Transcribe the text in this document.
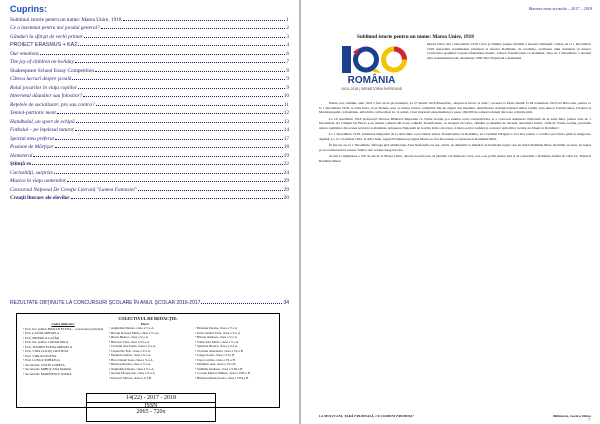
Cuprins:
Sublimul istorie pentru un nume: Marea Unire, 1918	1
Ce a însemnat pentru noi jocului general?	2
Gânduri la sfârşit de vechi primar	3
PROIECT ERASMUS + KA2	4
Our emotions	6
The joy of children on holiday	7
Shakespeare School Essay Competition	8
Câteva lucruri despre şcoală	9
Rolul jocurilor în viaţa copiilor	9
Internetul dăunător sau folositor?	10
Reţelele de socializare: pro sau contra?	11
Temiol-patriotic ment	12
Handbalul, un sport de echipă	13
Fotbalul – pe înţelesul tuturor	14
Sportul meu preferat	17
Pasiune de Mărţişor	18
Hamsterul	19
Ştiinţă ex	22
Curiozităţi, surprize	24
Muzica în viaţa oamenilor	29
Concursul Naţional De Creaţie Literară "Lumea Fantasiei"	29
Creaţii literare ale elevilor	30
REZULTATE OBŢINUTE LA CONCURSURI ŞCOLARE ÎN ANUL ŞCOLAR 2016-2017	34
COLECTIVUL DE REDACŢIE:
Cadre didactice:
• Prof. înv. primar BOZIAN ELENA – coordonator principal
• Prof. LAZĂR MIHAELA
• Prof. MIHAELA LAZĂR
• Prof. înv. primar CADAR MILA
• Prof. TOGHIN ELENA MIHAELA
• Prof. VIDA COCOŞ CRISTINA
• Prof. VIRLAN ELENA
• Prof. LUNGU MIHAELA
• Secretariat: COSTE LORETA
• Secretariat: MIHUŢ ANA MARIA
• Secretariat: MARINESCU IOANA
Elevi
• Anghelide Daiana, clasa a V-a A
• Bacalu Roxana Maria, clasa a V-a A
• Burcu Bianca, clasa a V-a A
• Bărcesu Vlad, clasa a VI-a A
• Ciobanu Ana Paula, clasa a V-a A
• Crişan Ilie Eric, clasa a V-a A
• Panainte Ştefan, clasa a V-a A
• Baro Daniel Ioan, clasa a V-a A
• Burlacu Rianna, clasa a V-a A
• Anghelide Daiana, clasa a V-a A
• Apostu Dragoş Ion, clasa a V-a A
• Petrescu Mircea, clasa a V-a B
• Bratianu Denisa, clasa a V-a A
• Pirvu Andrei Vlad, clasa a V-a A
• Bârsan Andreea, clasa a V-a A
• Toltin Ana Maria, clasa a V-a A
• Spiridon Bianca, clasa a V-a A
• Ciobanu Alexandra, clasa a VI-a B
• Lungu Sonia, clasa a VI-a B
• Popa Lavinia, clasa a VI-a B
• Dumitriu Ana, clasa a VI-a B
• Strâmbu Andreea, clasa a VIII-a B
• Cocean Maria Cătălina, clasa a VIII-a B
• Butnaru Denisa Ioana, clasa a VIII-a B
14(22) - 2017 - 2018
ISSN
2065 - 720x
Bucuria nous scrisului – 2017 – 2018
Sublimul istorie pentru un nume: Marea Unire, 1918
ROMÂNIA
1918–2018 | SĂRBĂTORIM ÎMPREUNĂ
Marea Unire din 1 Decembrie 1918 a fost și rămâne pagina sublimă a istoriei românești. Unirea de la 1 Decembrie 1918 reprezintă evenimentul principal al istoriei României, de totalitate, realizarea unui deziderat al tuturor locuitorilor spaţiului Carpato-Danubiano-Pontic. Unirea Transilvaniei cu România, Ziua de 1 Decembrie a devenit ziuă evenimentului din decembrie 1990 Ziua Naţională a României.

Pentru noi, românii, anul 1918 a fost un an providenţial. La 27 martie 1918 Basarabia, „dreptul ei istoric şi etnic", revenea la Patria mamă; la 28 noiembrie 1918 era Bucovina, pentru ca la 1 Decembrie 1918, la Alba Iulia, să se încheie ceea ce unirea tuturor românilor într-un singur stat însemna, desăvârşirea statului naţional unitar român, prin unirea Transilvaniei, Crişanei şi Maramureşului cu România. Alba Iulia, străvechiul loc al unirii, a fost martorul entuziasmului a peste 100.000 de oameni adunaţi din toate colţurile ţării.

La 16 noiembrie 1918 profesorul Nicolae Bălăescu împreună cu Vasile Goldiş şi-a asumat rolul conducătorilor şi a convocat Adunarea Naţională de la Alba Iulia, pentru ziua de 1 Decembrie. Pe Câmpul lui Horea s-au adunat oameni din toate colţurile Transilvaniei, cu steaguri tricolore, cântând şi dansând de bucurie. Rezoluţia Unirii, citită de Vasile Goldiş, proclama unirea românilor din aceste teritorii cu România. Adunarea Naţională de la Alba Iulia a decretat „Unirea acelor români şi a tuturor teritoriilor locuite de dânşii cu România".

La 1 Decembrie 1918, Adunarea Naţională de la Alba Iulia a proclamat unirea Transilvaniei cu România, iar Consiliul Dirigent a fost ales pentru a conduce provincia până la integrarea deplină. La 15 octombrie 1922, la Alba Iulia, regele Ferdinand şi regina Maria au fost încoronaţi ca suverani ai României Mari.

În fiecare an, la 1 Decembrie, întreaga ţară sărbătoreşte Ziua Naţională, iar noi, elevii, ne amintim cu mândrie de înaintaşii noştri care au făurit România Mare. Românii au visat, au luptat şi au realizat unirea tuturor fraţilor sub acelaşi steag tricolor.

Acum, la împlinirea a 100 de ani de la Marea Unire, datoria noastră este să păstrăm vie memoria celor care s-au jertfit pentru ţară şi să construim o Românie demnă de visul lor. Trăiască România Mare!

LA MULŢI ANI, ŢARĂ FRUMOASĂ, CU OAMENI FRUMOŞI!	Bălănescu, Lucia a Olteşa
1
